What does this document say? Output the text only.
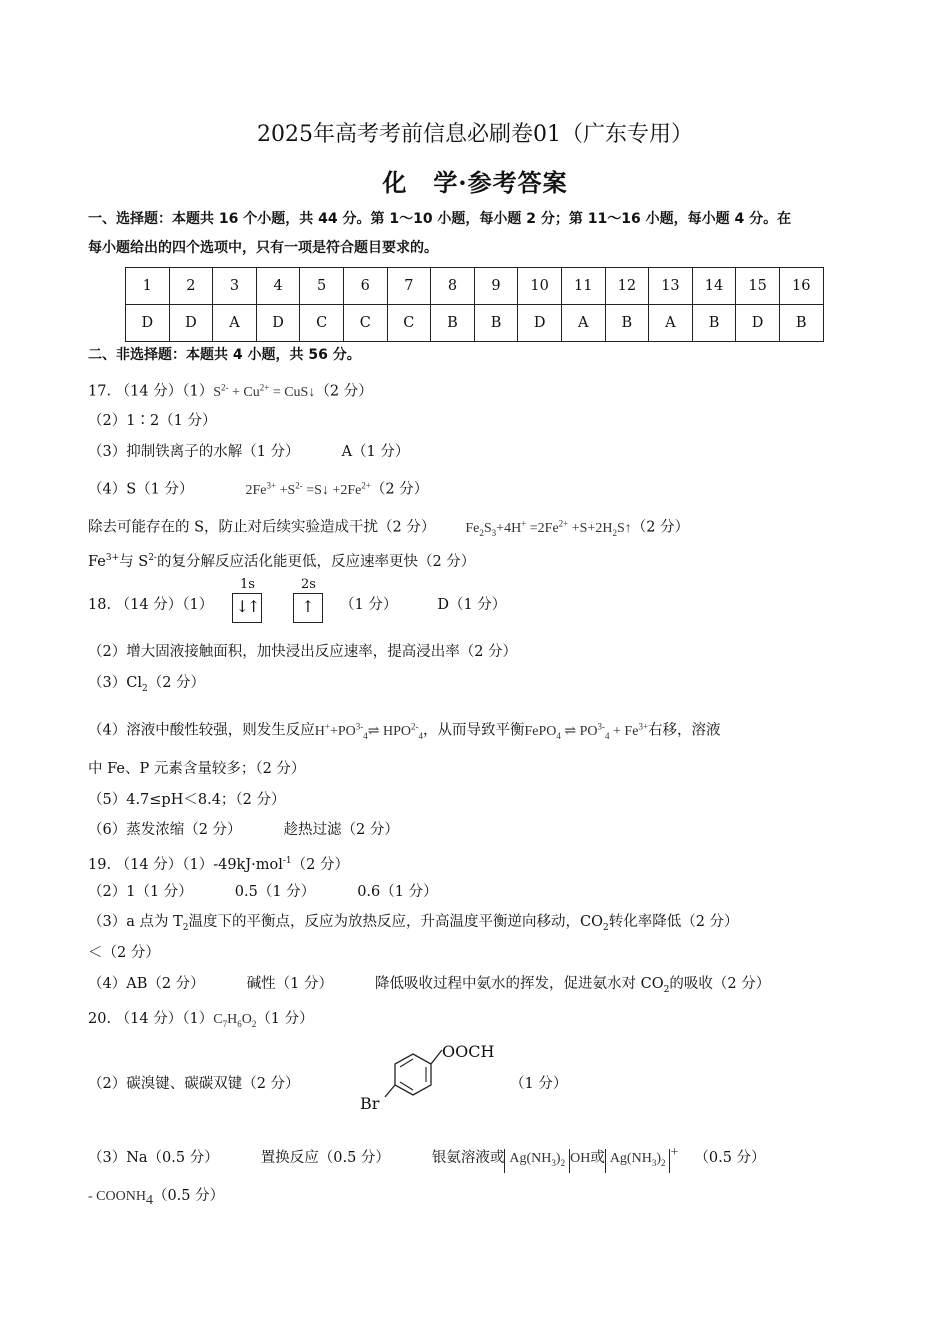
2025年高考考前信息必刷卷01（广东专用）
化 学·参考答案
一、选择题：本题共 16 个小题，共 44 分。第 1～10 小题，每小题 2 分；第 11～16 小题，每小题 4 分。在
每小题给出的四个选项中，只有一项是符合题目要求的。
1	2	3	4	5	6	7	8	9	10	11	12	13	14	15	16
D	D	A	D	C	C	C	B	B	D	A	B	A	B	D	B
二、非选择题：本题共 4 小题，共 56 分。
17. （14 分）$(1)S^{2-} + Cu^{2+}$ = CuS↓（2 分）
（2）1∶2（1 分）
（3）抑制铁离子的水解（1 分）	A（1 分）
（4）S（1 分）	$2Fe^{3+} +S^{2-}$ =S↓ $+2Fe^{2+}(2$ 分）
除去可能存在的 S，防止对后续实验造成干扰（2 分） $Fe_2S_3+4H^+ =2Fe^{2+}$ $+S+2H_2S↑(2$ 分）
$Fe^{3+}$与 $S^{2-}$的复分解反应活化能更低，反应速率更快（2 分）
18. （14 分）（1）
1s
↓↑
2s
↑	（1 分）	D（1 分）
（2）增大固液接触面积，加快浸出反应速率，提高浸出率（2 分）
$(3)Cl_2(2$ 分）
（4）溶液中酸性较强，则发生反应$H^++PO^{3-}_4\rightleftharpoons$ $HPO^{2-}_4$，从而导致平衡FePO$_4$ ⇌ $PO^{3-}_4 + Fe^{3+}$右移，溶液
中 Fe、P 元素含量较多；（2 分）
（5）4.7≤pH＜8.4；（2 分）
（6）蒸发浓缩（2 分）	趁热过滤（2 分）
19. （14 分）（1）-49kJ·mol$^{-1}$（2 分）
（2）1（1 分）	0.5（1 分）	0.6（1 分）
（3）a 点为 $T_2$温度下的平衡点，反应为放热反应，升高温度平衡逆向移动，$CO_2$转化率降低（2 分）
＜（2 分）
（4）AB（2 分）	碱性（1 分）	降低吸收过程中氨水的挥发，促进氨水对 $CO_2$的吸收（2 分）
20. （14 分）$(1)C_7H_6O_2(1$ 分）
（2）碳溴键、碳碳双键（2 分）
OOCH
Br
（1 分）
（3）Na（0.5 分）	置换反应（0.5 分）	银氨溶液或 $Ag(NH_3)_2$ OH或 $Ag(NH_3)_2^+$ （0.5 分）
- $COONH_4(0.5$ 分）
